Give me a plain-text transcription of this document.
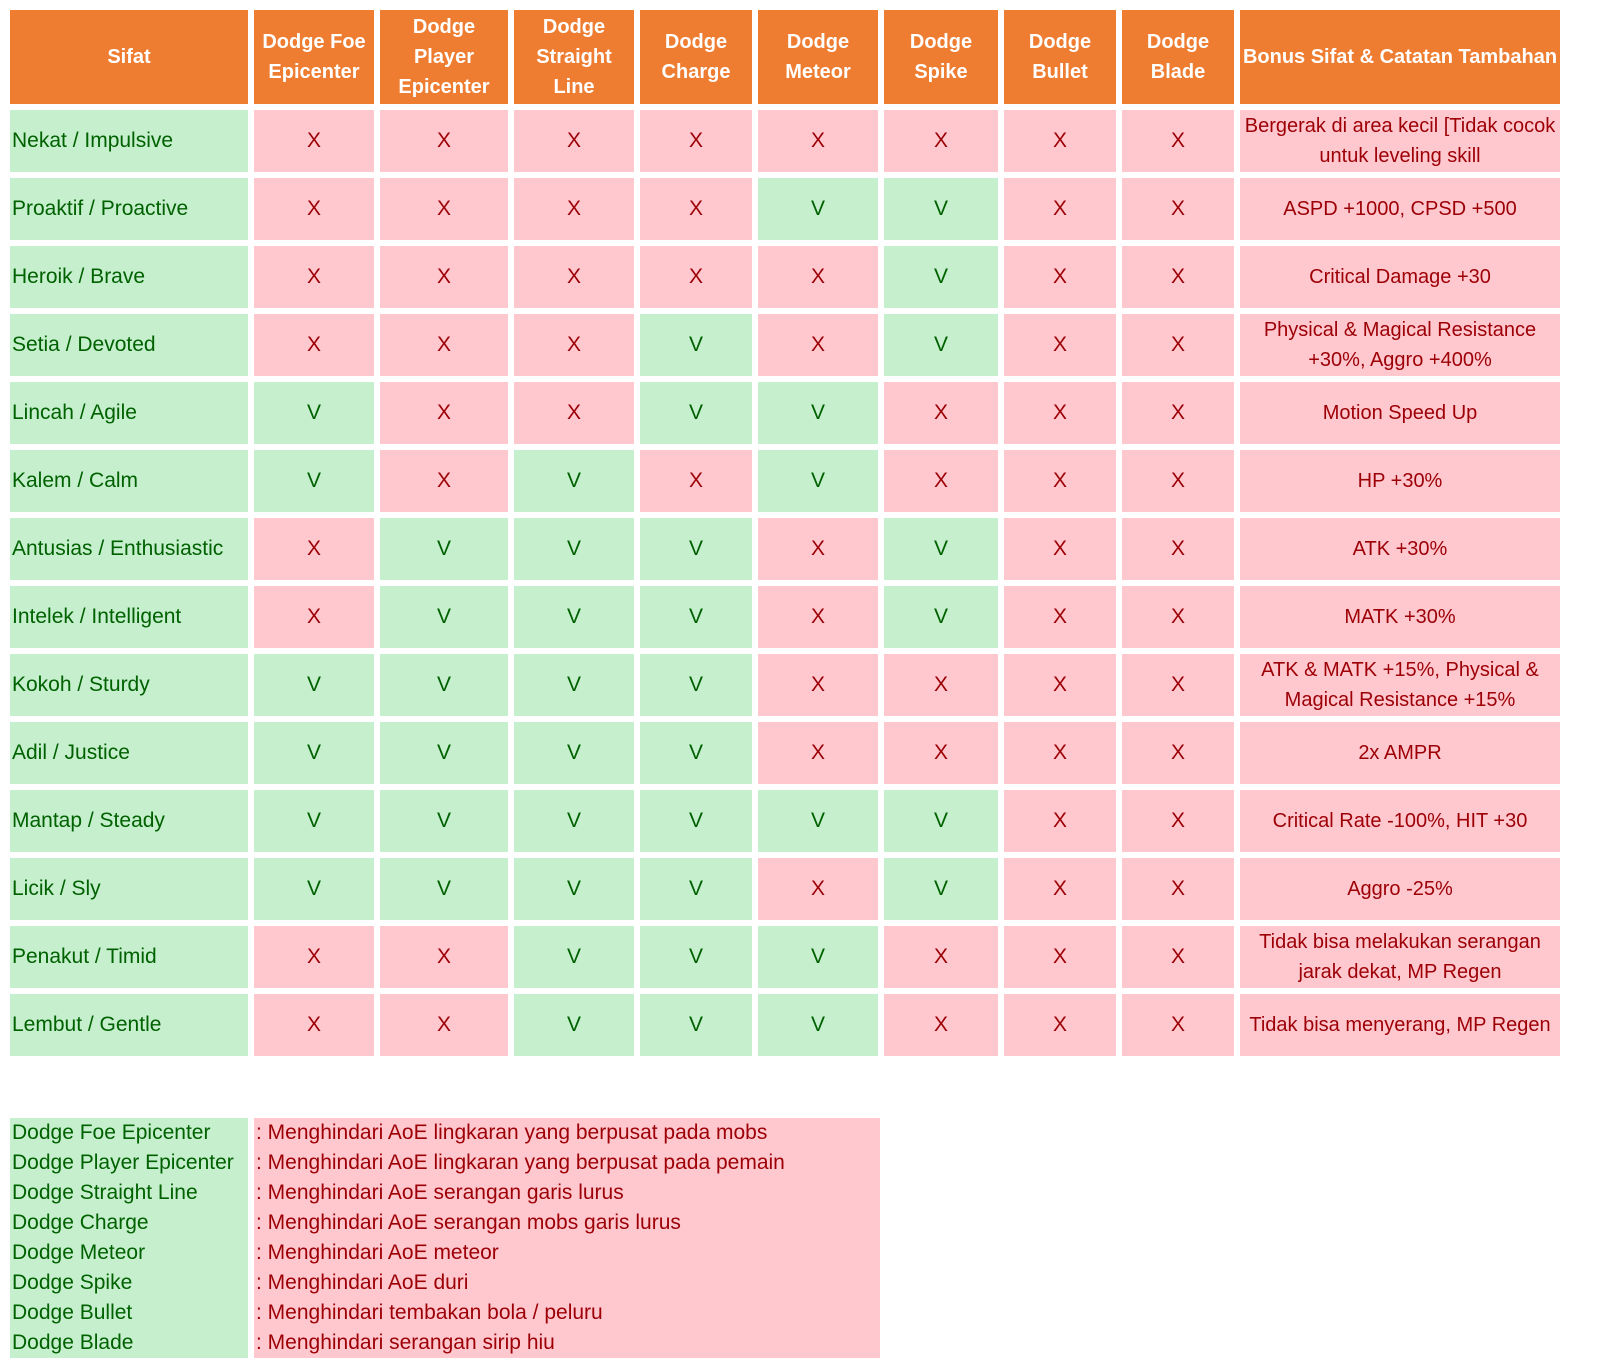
Sifat	Dodge Foe Epicenter	Dodge Player Epicenter	Dodge Straight Line	Dodge Charge	Dodge Meteor	Dodge Spike	Dodge Bullet	Dodge Blade	Bonus Sifat & Catatan Tambahan
Nekat / Impulsive	X	X	X	X	X	X	X	X	Bergerak di area kecil [Tidak cocok untuk leveling skill
Proaktif / Proactive	X	X	X	X	V	V	X	X	ASPD +1000, CPSD +500
Heroik / Brave	X	X	X	X	X	V	X	X	Critical Damage +30
Setia / Devoted	X	X	X	V	X	V	X	X	Physical & Magical Resistance +30%, Aggro +400%
Lincah / Agile	V	X	X	V	V	X	X	X	Motion Speed Up
Kalem / Calm	V	X	V	X	V	X	X	X	HP +30%
Antusias / Enthusiastic	X	V	V	V	X	V	X	X	ATK +30%
Intelek / Intelligent	X	V	V	V	X	V	X	X	MATK +30%
Kokoh / Sturdy	V	V	V	V	X	X	X	X	ATK & MATK +15%, Physical & Magical Resistance +15%
Adil / Justice	V	V	V	V	X	X	X	X	2x AMPR
Mantap / Steady	V	V	V	V	V	V	X	X	Critical Rate -100%, HIT +30
Licik / Sly	V	V	V	V	X	V	X	X	Aggro -25%
Penakut / Timid	X	X	V	V	V	X	X	X	Tidak bisa melakukan serangan jarak dekat, MP Regen
Lembut / Gentle	X	X	V	V	V	X	X	X	Tidak bisa menyerang, MP Regen
Dodge Foe Epicenter	: Menghindari AoE lingkaran yang berpusat pada mobs
Dodge Player Epicenter	: Menghindari AoE lingkaran yang berpusat pada pemain
Dodge Straight Line	: Menghindari AoE serangan garis lurus
Dodge Charge	: Menghindari AoE serangan mobs garis lurus
Dodge Meteor	: Menghindari AoE meteor
Dodge Spike	: Menghindari AoE duri
Dodge Bullet	: Menghindari tembakan bola / peluru
Dodge Blade	: Menghindari serangan sirip hiu
